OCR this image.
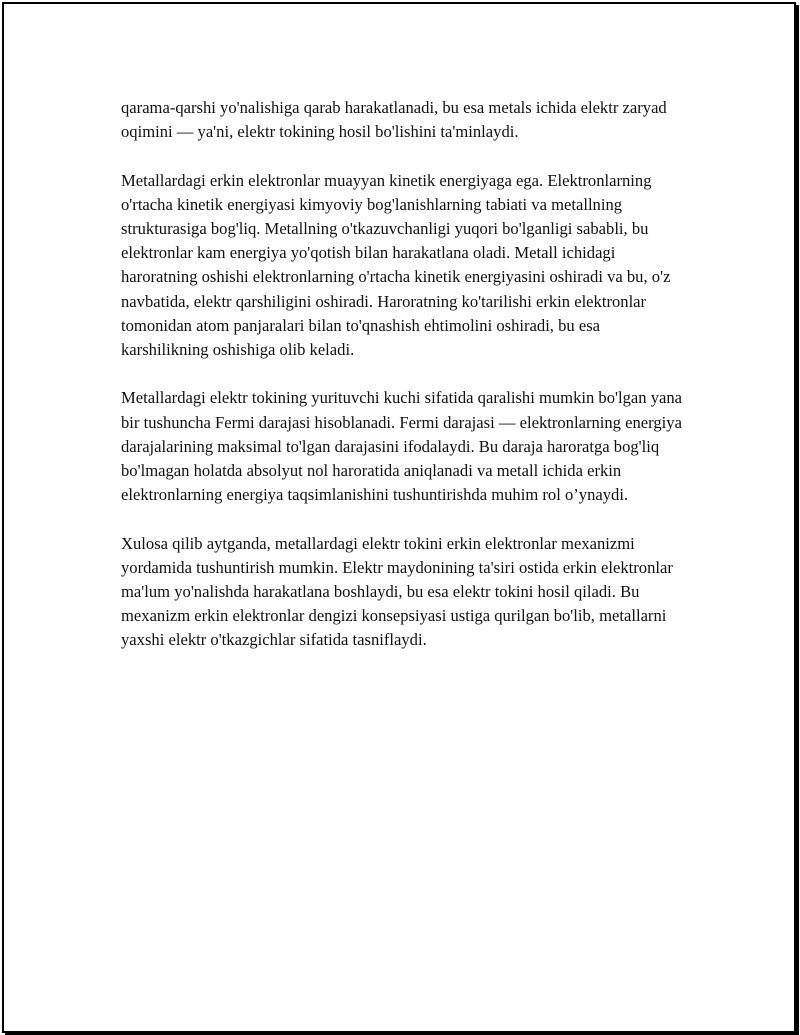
qarama-qarshi yo'nalishiga qarab harakatlanadi, bu esa metals ichida elektr zaryad oqimini — ya'ni, elektr tokining hosil bo'lishini ta'minlaydi.

Metallardagi erkin elektronlar muayyan kinetik energiyaga ega. Elektronlarning o'rtacha kinetik energiyasi kimyoviy bog'lanishlarning tabiati va metallning strukturasiga bog'liq. Metallning o'tkazuvchanligi yuqori bo'lganligi sababli, bu elektronlar kam energiya yo'qotish bilan harakatlana oladi. Metall ichidagi haroratning oshishi elektronlarning o'rtacha kinetik energiyasini oshiradi va bu, o'z navbatida, elektr qarshiligini oshiradi. Haroratning ko'tarilishi erkin elektronlar tomonidan atom panjaralari bilan to'qnashish ehtimolini oshiradi, bu esa karshilikning oshishiga olib keladi.

Metallardagi elektr tokining yurituvchi kuchi sifatida qaralishi mumkin bo'lgan yana bir tushuncha Fermi darajasi hisoblanadi. Fermi darajasi — elektronlarning energiya darajalarining maksimal to'lgan darajasini ifodalaydi. Bu daraja haroratga bog'liq bo'lmagan holatda absolyut nol haroratida aniqlanadi va metall ichida erkin elektronlarning energiya taqsimlanishini tushuntirishda muhim rol o’ynaydi.

Xulosa qilib aytganda, metallardagi elektr tokini erkin elektronlar mexanizmi yordamida tushuntirish mumkin. Elektr maydonining ta'siri ostida erkin elektronlar ma'lum yo'nalishda harakatlana boshlaydi, bu esa elektr tokini hosil qiladi. Bu mexanizm erkin elektronlar dengizi konsepsiyasi ustiga qurilgan bo'lib, metallarni yaxshi elektr o'tkazgichlar sifatida tasniflaydi.
